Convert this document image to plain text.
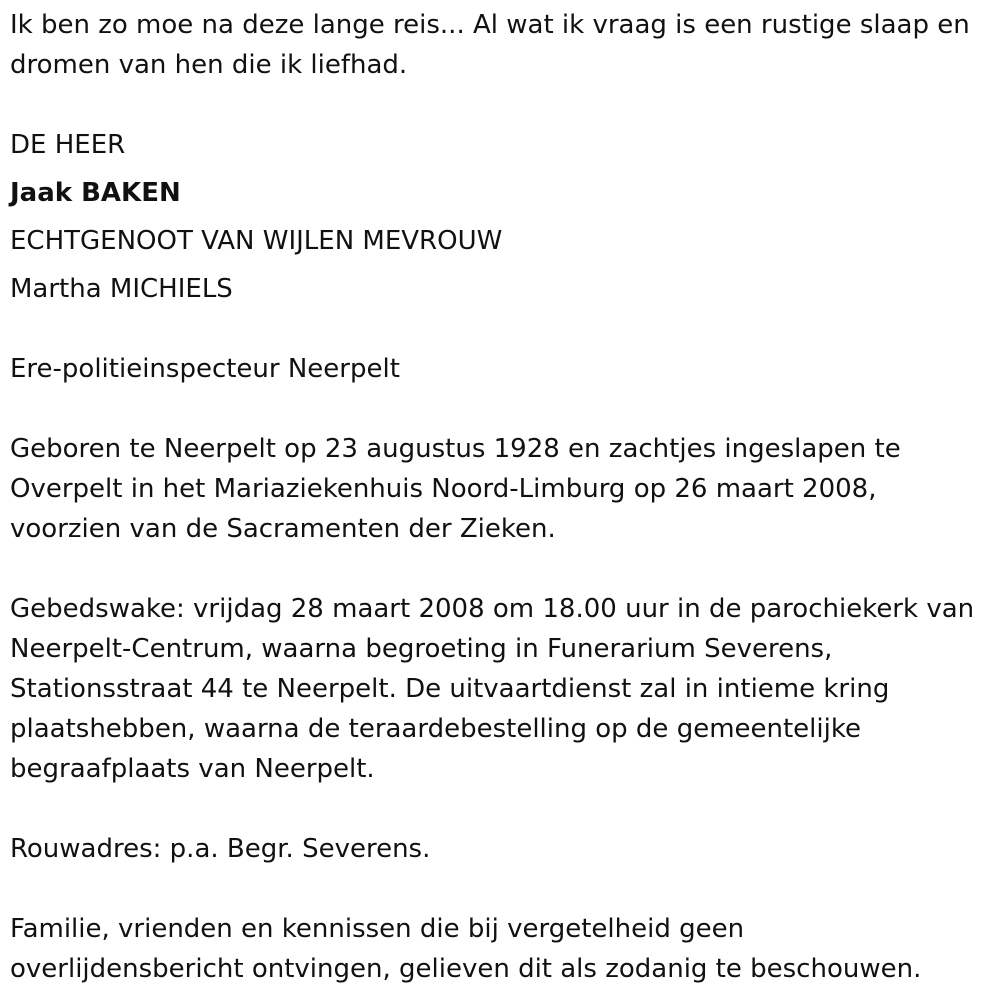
Ik ben zo moe na deze lange reis... Al wat ik vraag is een rustige slaap en

dromen van hen die ik liefhad.

DE HEER

Jaak BAKEN

ECHTGENOOT VAN WIJLEN MEVROUW

Martha MICHIELS

Ere-politieinspecteur Neerpelt

Geboren te Neerpelt op 23 augustus 1928 en zachtjes ingeslapen te

Overpelt in het Mariaziekenhuis Noord-Limburg op 26 maart 2008,

voorzien van de Sacramenten der Zieken.

Gebedswake: vrijdag 28 maart 2008 om 18.00 uur in de parochiekerk van

Neerpelt-Centrum, waarna begroeting in Funerarium Severens,

Stationsstraat 44 te Neerpelt. De uitvaartdienst zal in intieme kring

plaatshebben, waarna de teraardebestelling op de gemeentelijke

begraafplaats van Neerpelt.

Rouwadres: p.a. Begr. Severens.

Familie, vrienden en kennissen die bij vergetelheid geen

overlijdensbericht ontvingen, gelieven dit als zodanig te beschouwen.
